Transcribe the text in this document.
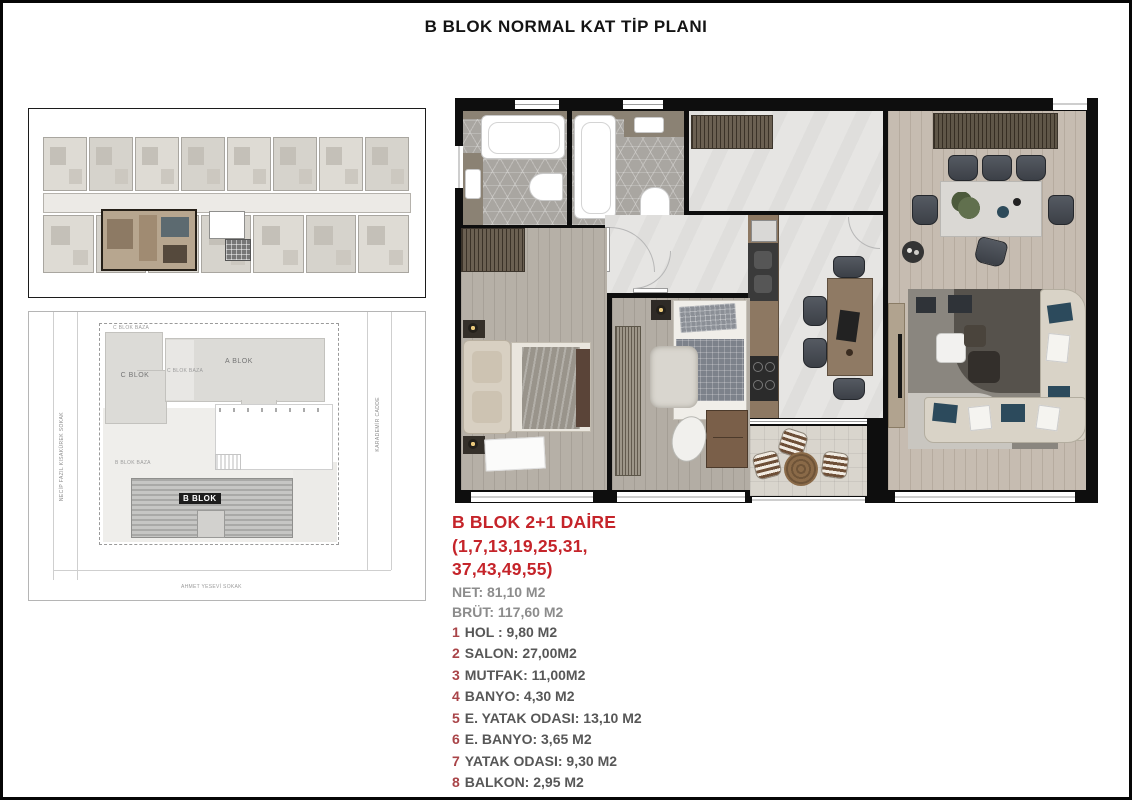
B BLOK NORMAL KAT TİP PLANI
C BLOK BAZA
C BLOK
C BLOK BAZA
A BLOK
B BLOK BAZA
B BLOK
NECİP FAZIL KISAKÜREK SOKAK	KARADEMİR CADDE
AHMET YESEVİ SOKAK
B BLOK 2+1 DAİRE
(1,7,13,19,25,31,
37,43,49,55)
NET: 81,10 M2
BRÜT: 117,60 M2
1 HOL : 9,80 M2
2 SALON: 27,00M2
3 MUTFAK: 11,00M2
4 BANYO: 4,30 M2
5 E. YATAK ODASI: 13,10 M2
6 E. BANYO: 3,65 M2
7 YATAK ODASI: 9,30 M2
8 BALKON: 2,95 M2
